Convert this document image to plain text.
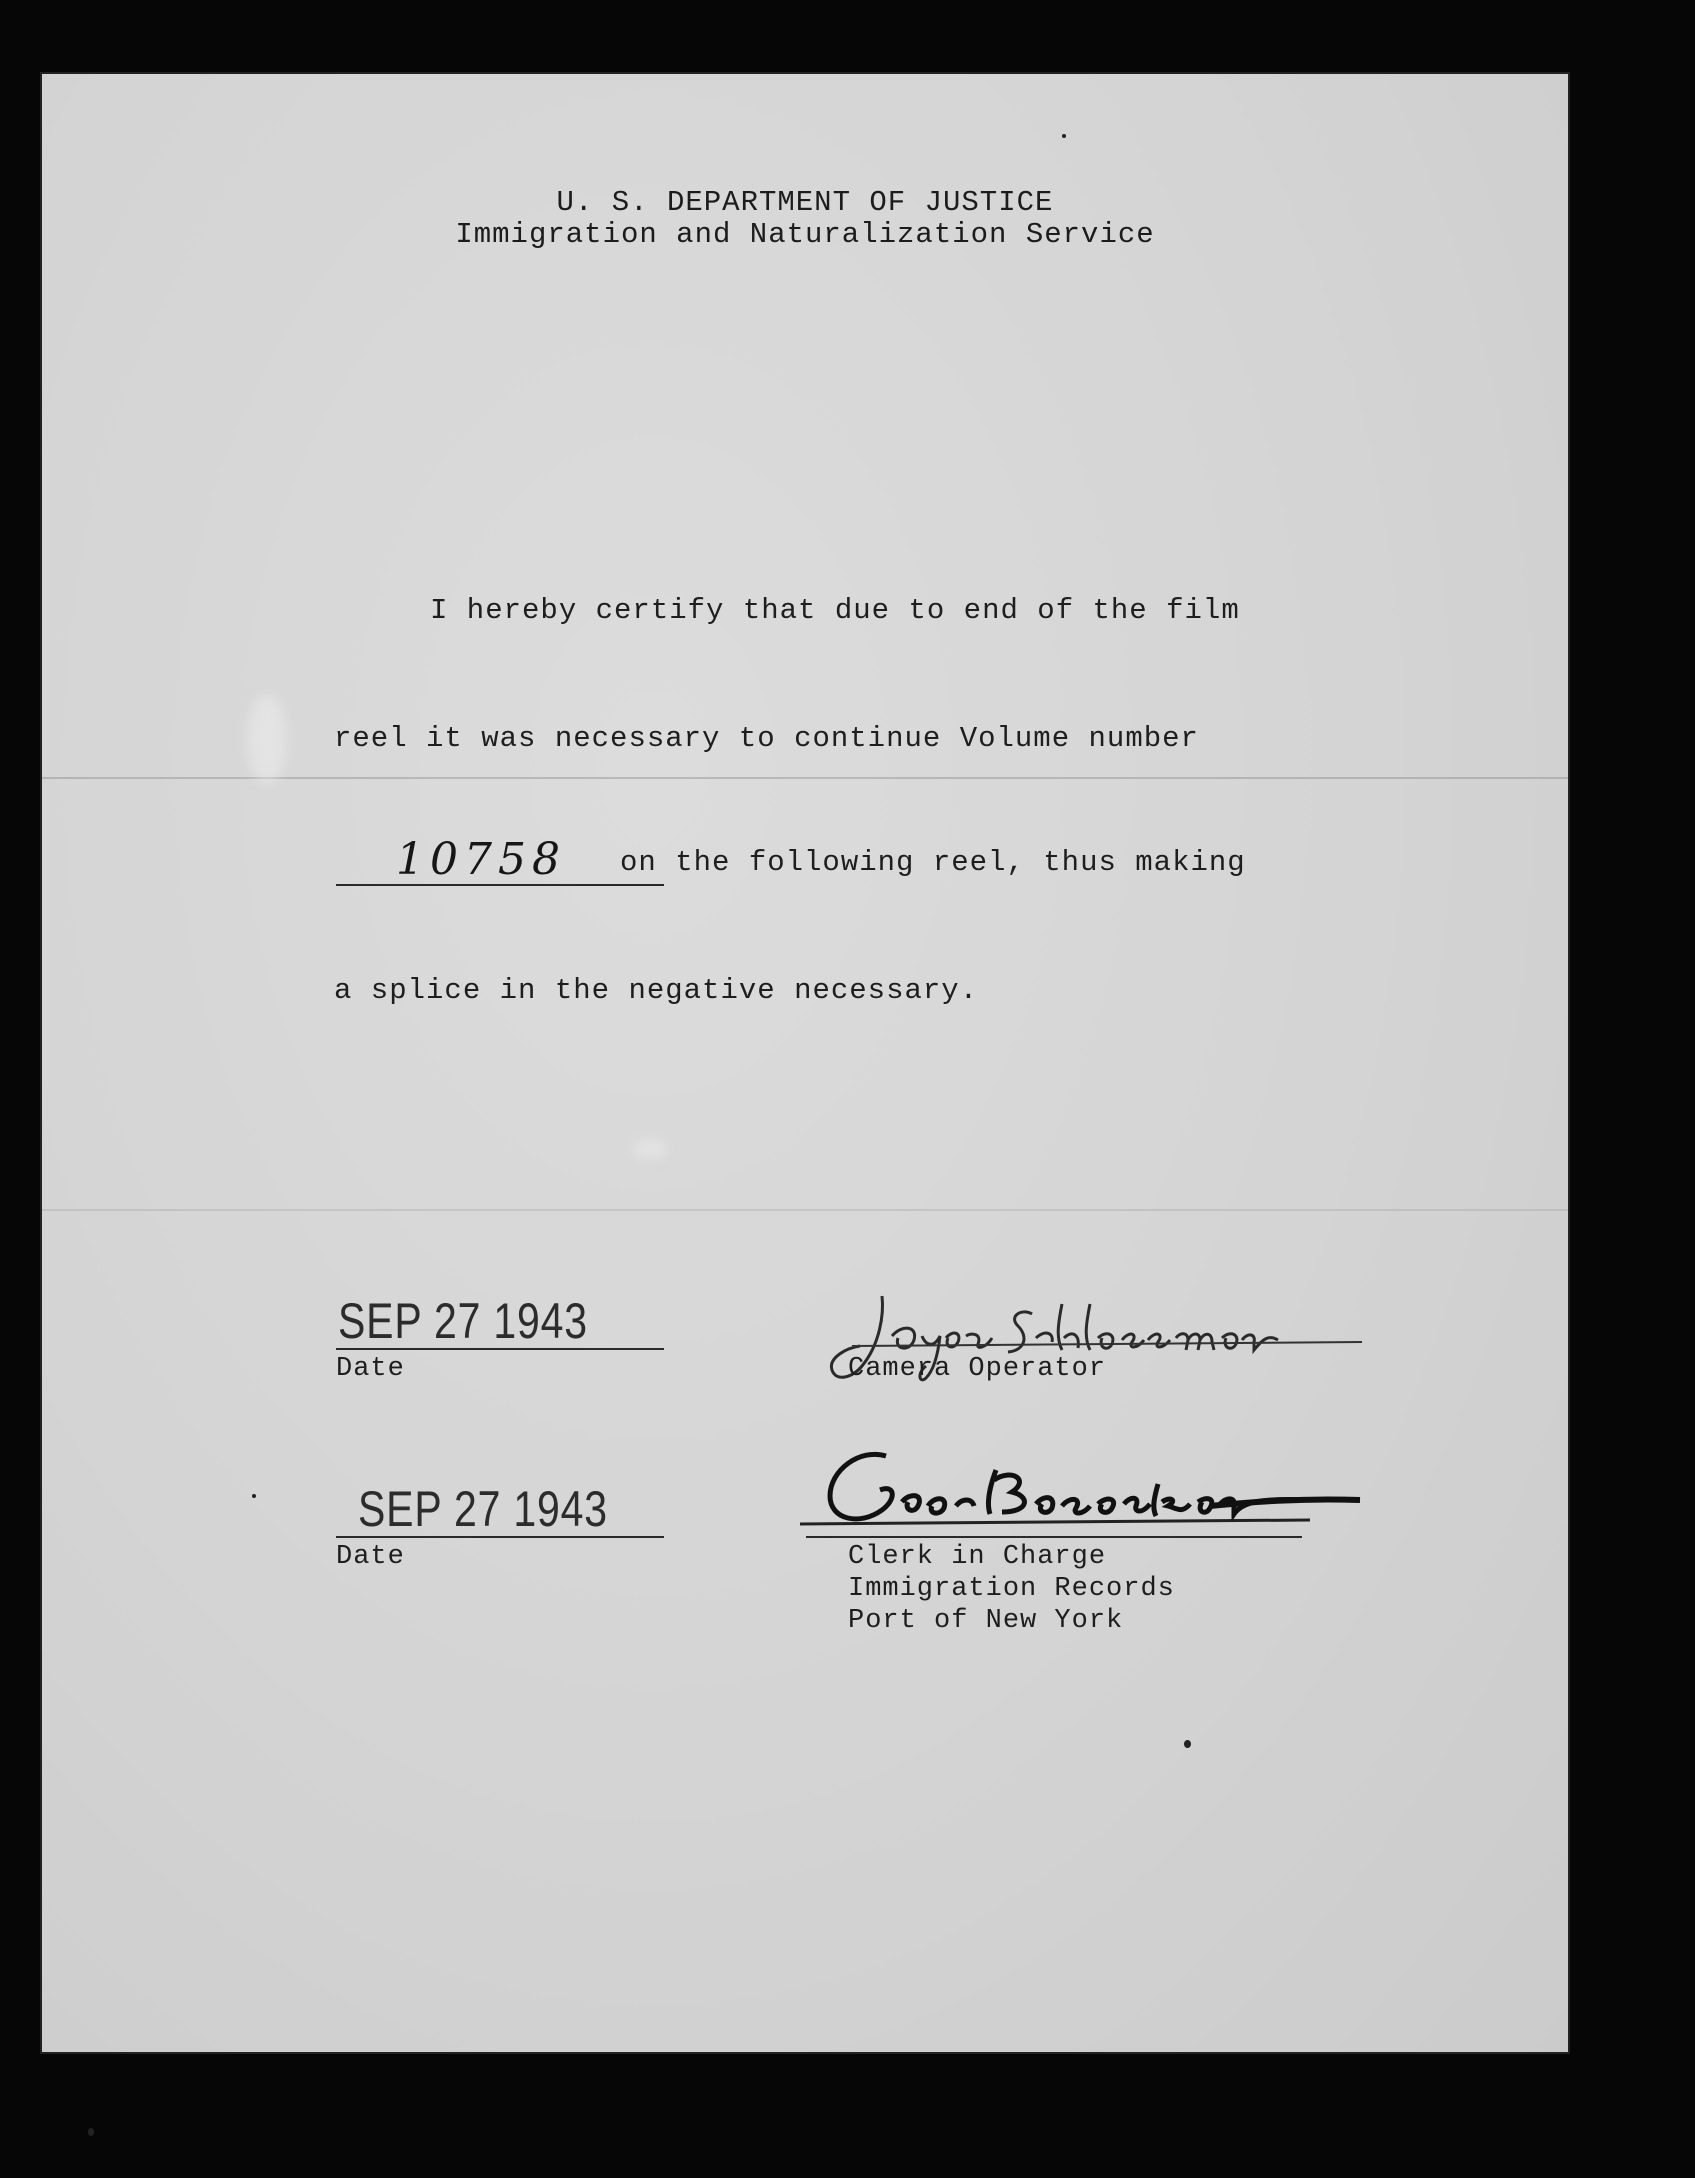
U. S. DEPARTMENT OF JUSTICE
Immigration and Naturalization Service
I hereby certify that due to end of the film
reel it was necessary to continue Volume number
10758 on the following reel, thus making
a splice in the negative necessary.
SEP 27 1943
Date	Camera Operator
SEP 27 1943
Date	Clerk in Charge
Immigration Records
Port of New York
